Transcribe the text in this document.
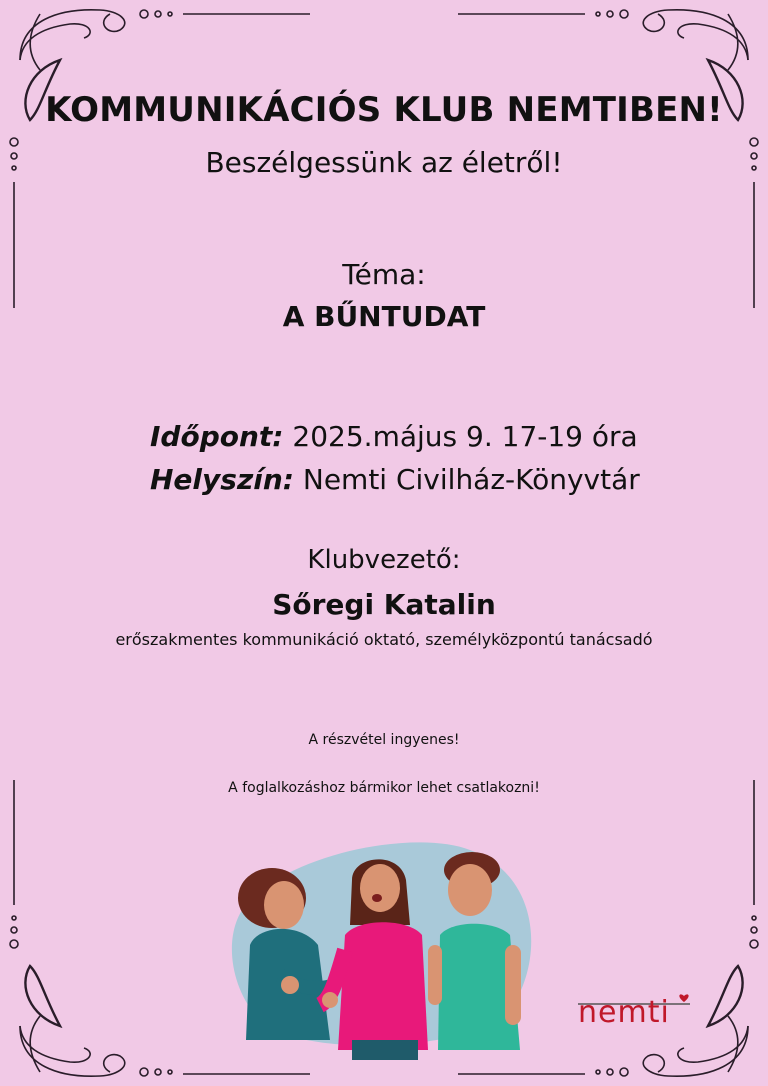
KOMMUNIKÁCIÓS KLUB NEMTIBEN!
Beszélgessünk az életről!
Téma:
A BŰNTUDAT
Időpont: 2025.május 9. 17-19 óra
Helyszín: Nemti Civilház-Könyvtár
Klubvezető:
Sőregi Katalin
erőszakmentes kommunikáció oktató, személyközpontú tanácsadó
A részvétel ingyenes!
A foglalkozáshoz bármikor lehet csatlakozni!
nemti
